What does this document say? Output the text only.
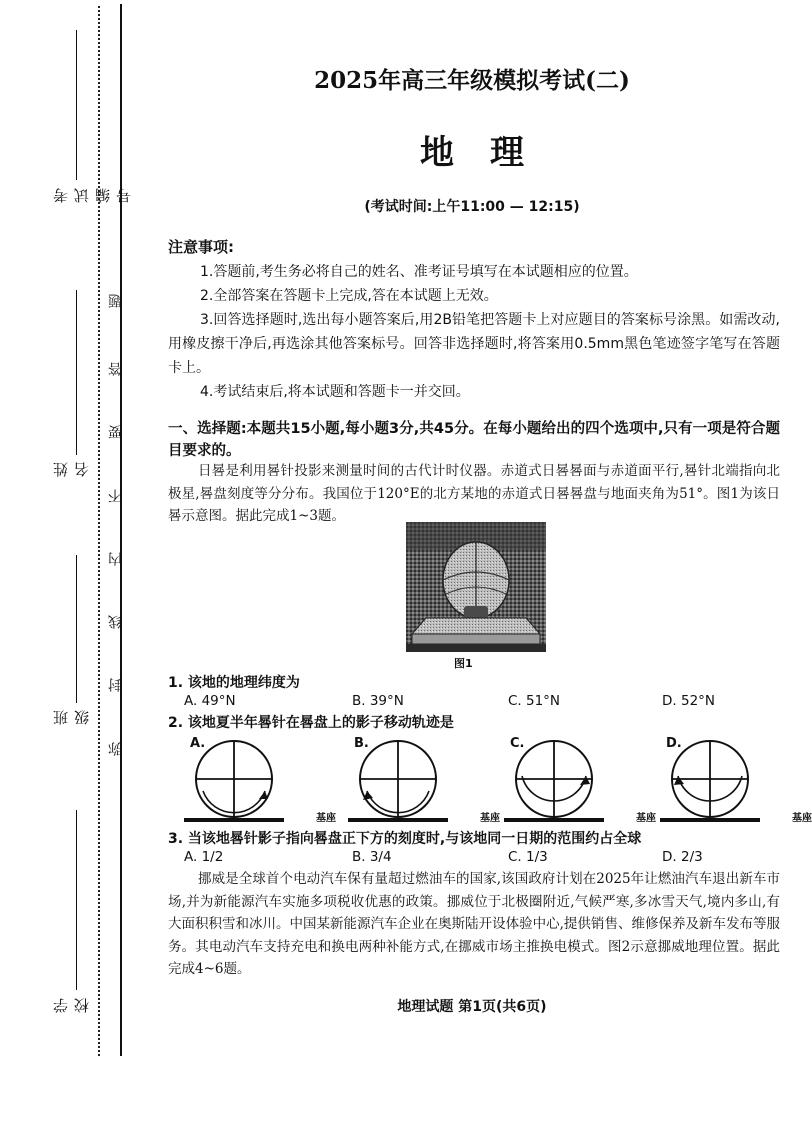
考试编号
姓 名
班 级
学 校
题
答
要
不
内
线
封
弥
2025年高三年级模拟考试(二)
地理
(考试时间:上午11:00 — 12:15)
注意事项:

1.答题前,考生务必将自己的姓名、准考证号填写在本试题相应的位置。

2.全部答案在答题卡上完成,答在本试题上无效。

3.回答选择题时,选出每小题答案后,用2B铅笔把答题卡上对应题目的答案标号涂黑。如需改动,用橡皮擦干净后,再选涂其他答案标号。回答非选择题时,将答案用0.5mm黑色笔迹签字笔写在答题卡上。

4.考试结束后,将本试题和答题卡一并交回。

一、选择题:本题共15小题,每小题3分,共45分。在每小题给出的四个选项中,只有一项是符合题目要求的。

日晷是利用晷针投影来测量时间的古代计时仪器。赤道式日晷晷面与赤道面平行,晷针北端指向北极星,晷盘刻度等分分布。我国位于120°E的北方某地的赤道式日晷晷盘与地面夹角为51°。图1为该日晷示意图。据此完成1~3题。

图1
1. 该地的地理纬度为
A. 49°N	B. 39°N	C. 51°N	D. 52°N
2. 该地夏半年晷针在晷盘上的影子移动轨迹是
A.
基座
B.
基座
C.
基座
D.
基座
3. 当该地晷针影子指向晷盘正下方的刻度时,与该地同一日期的范围约占全球
A. 1/2	B. 3/4	C. 1/3	D. 2/3

挪威是全球首个电动汽车保有量超过燃油车的国家,该国政府计划在2025年让燃油汽车退出新车市场,并为新能源汽车实施多项税收优惠的政策。挪威位于北极圈附近,气候严寒,多冰雪天气,境内多山,有大面积积雪和冰川。中国某新能源汽车企业在奥斯陆开设体验中心,提供销售、维修保养及新车发布等服务。其电动汽车支持充电和换电两种补能方式,在挪威市场主推换电模式。图2示意挪威地理位置。据此完成4~6题。

地理试题 第1页(共6页)
